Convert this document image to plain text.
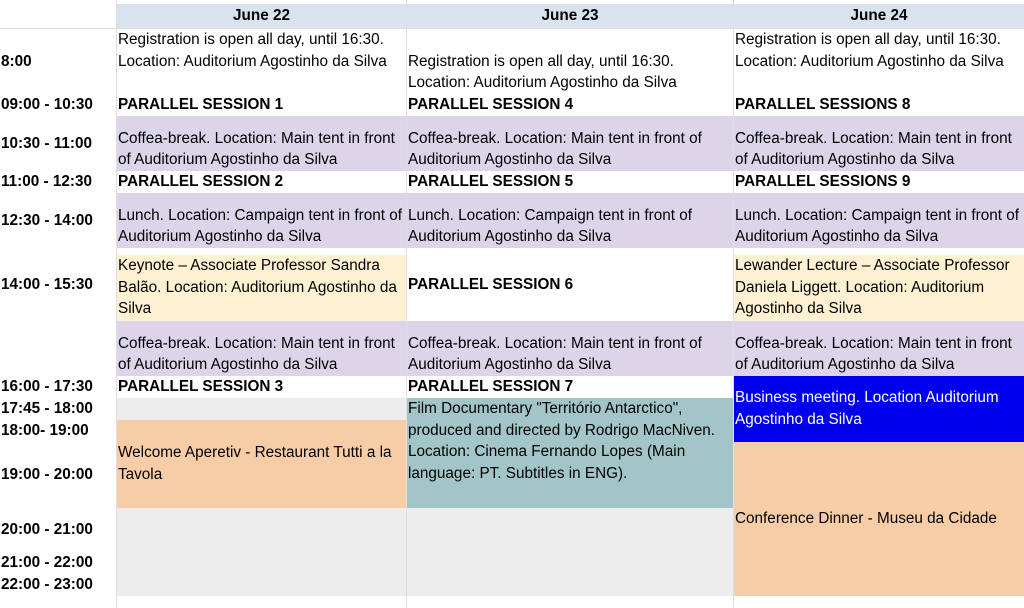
June 22	June 23	June 24
8:00
09:00 - 10:30
10:30 - 11:00
11:00 - 12:30
12:30 - 14:00
14:00 - 15:30
16:00 - 17:30
17:45 - 18:00
18:00- 19:00
19:00 - 20:00
20:00 - 21:00
21:00 - 22:00
22:00 - 23:00
Registration is open all day, until 16:30. Location: Auditorium Agostinho da Silva
PARALLEL SESSION 1
Coffea-break. Location: Main tent in front of Auditorium Agostinho da Silva
PARALLEL SESSION 2
Lunch. Location: Campaign tent in front of Auditorium Agostinho da Silva
Keynote – Associate Professor Sandra Balão. Location: Auditorium Agostinho da Silva
Coffea-break. Location: Main tent in front of Auditorium Agostinho da Silva
PARALLEL SESSION 3
Welcome Aperetiv - Restaurant Tutti a la Tavola
Registration is open all day, until 16:30. Location: Auditorium Agostinho da Silva
PARALLEL SESSION 4
Coffea-break. Location: Main tent in front of Auditorium Agostinho da Silva
PARALLEL SESSION 5
Lunch. Location: Campaign tent in front of Auditorium Agostinho da Silva
PARALLEL SESSION 6
Coffea-break. Location: Main tent in front of Auditorium Agostinho da Silva
PARALLEL SESSION 7
Film Documentary "Território Antarctico", produced and directed by Rodrigo MacNiven. Location: Cinema Fernando Lopes (Main language: PT. Subtitles in ENG).
Registration is open all day, until 16:30. Location: Auditorium Agostinho da Silva
PARALLEL SESSIONS 8
Coffea-break. Location: Main tent in front of Auditorium Agostinho da Silva
PARALLEL SESSIONS 9
Lunch. Location: Campaign tent in front of Auditorium Agostinho da Silva
Lewander Lecture – Associate Professor Daniela Liggett. Location: Auditorium Agostinho da Silva
Coffea-break. Location: Main tent in front of Auditorium Agostinho da Silva
Business meeting. Location Auditorium Agostinho da Silva
Conference Dinner - Museu da Cidade
